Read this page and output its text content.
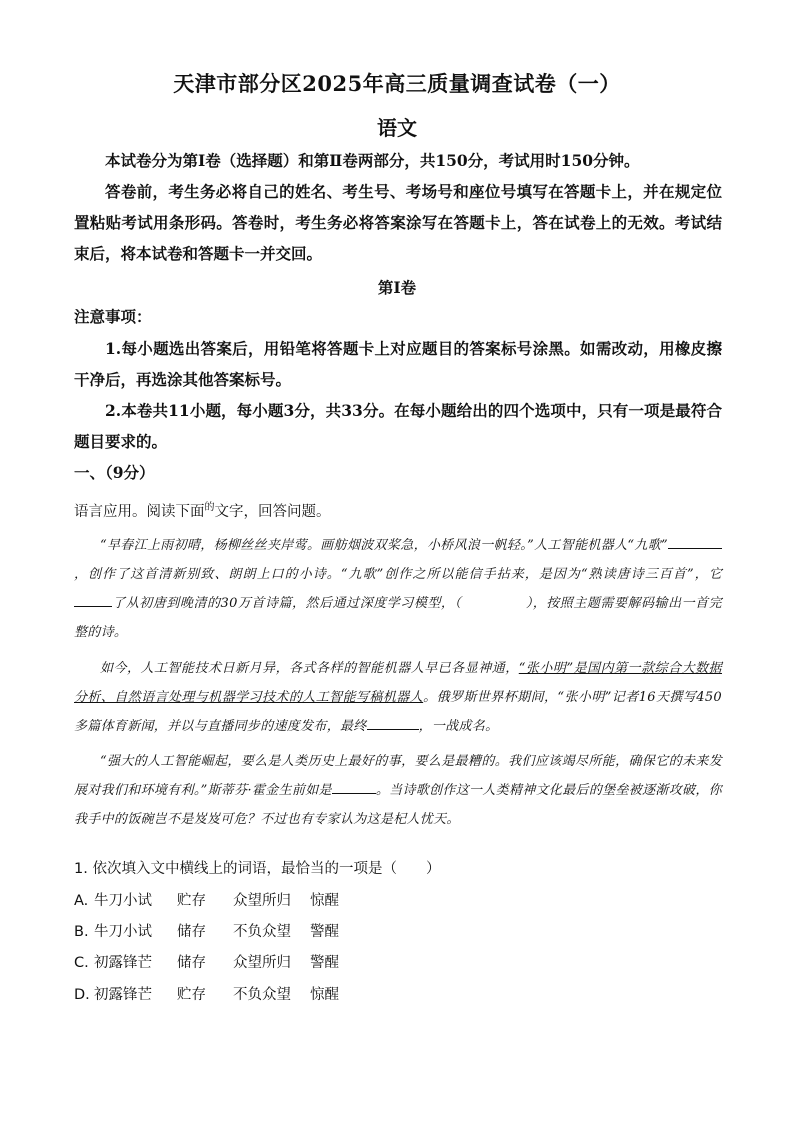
天津市部分区2025年高三质量调查试卷（一）
语文
本试卷分为第Ⅰ卷（选择题）和第Ⅱ卷两部分，共150分，考试用时150分钟。
答卷前，考生务必将自己的姓名、考生号、考场号和座位号填写在答题卡上，并在规定位置粘贴考试用条形码。答卷时，考生务必将答案涂写在答题卡上，答在试卷上的无效。考试结束后，将本试卷和答题卡一并交回。
第Ⅰ卷
注意事项：
1.每小题选出答案后，用铅笔将答题卡上对应题目的答案标号涂黑。如需改动，用橡皮擦干净后，再选涂其他答案标号。
2.本卷共11小题，每小题3分，共33分。在每小题给出的四个选项中，只有一项是最符合题目要求的。
一、（9分）
语言应用。阅读下面$^的$文字，回答问题。
“早春江上雨初晴，杨柳丝丝夹岸莺。画舫烟波双桨急，小桥风浪一帆轻。”人工智能机器人“九歌”，创作了这首清新别致、朗朗上口的小诗。“九歌”创作之所以能信手拈来，是因为“熟读唐诗三百首”，它了从初唐到晚清的30万首诗篇，然后通过深度学习模型，（	），按照主题需要解码输出一首完整的诗。
如今，人工智能技术日新月异，各式各样的智能机器人早已各显神通，“张小明”是国内第一款综合大数据分析、自然语言处理与机器学习技术的人工智能写稿机器人。俄罗斯世界杯期间，“张小明”记者16天撰写450多篇体育新闻，并以与直播同步的速度发布，最终	，一战成名。
“强大的人工智能崛起，要么是人类历史上最好的事，要么是最糟的。我们应该竭尽所能，确保它的未来发展对我们和环境有利。”斯蒂芬·霍金生前如是	。当诗歌创作这一人类精神文化最后的堡垒被逐渐攻破，你我手中的饭碗岂不是岌岌可危？不过也有专家认为这是杞人忧天。
1. 依次填入文中横线上的词语，最恰当的一项是（　　）
A. 牛刀小试 贮存 众望所归 惊醒
B. 牛刀小试 储存 不负众望 警醒
C. 初露锋芒 储存 众望所归 警醒
D. 初露锋芒 贮存 不负众望 惊醒
